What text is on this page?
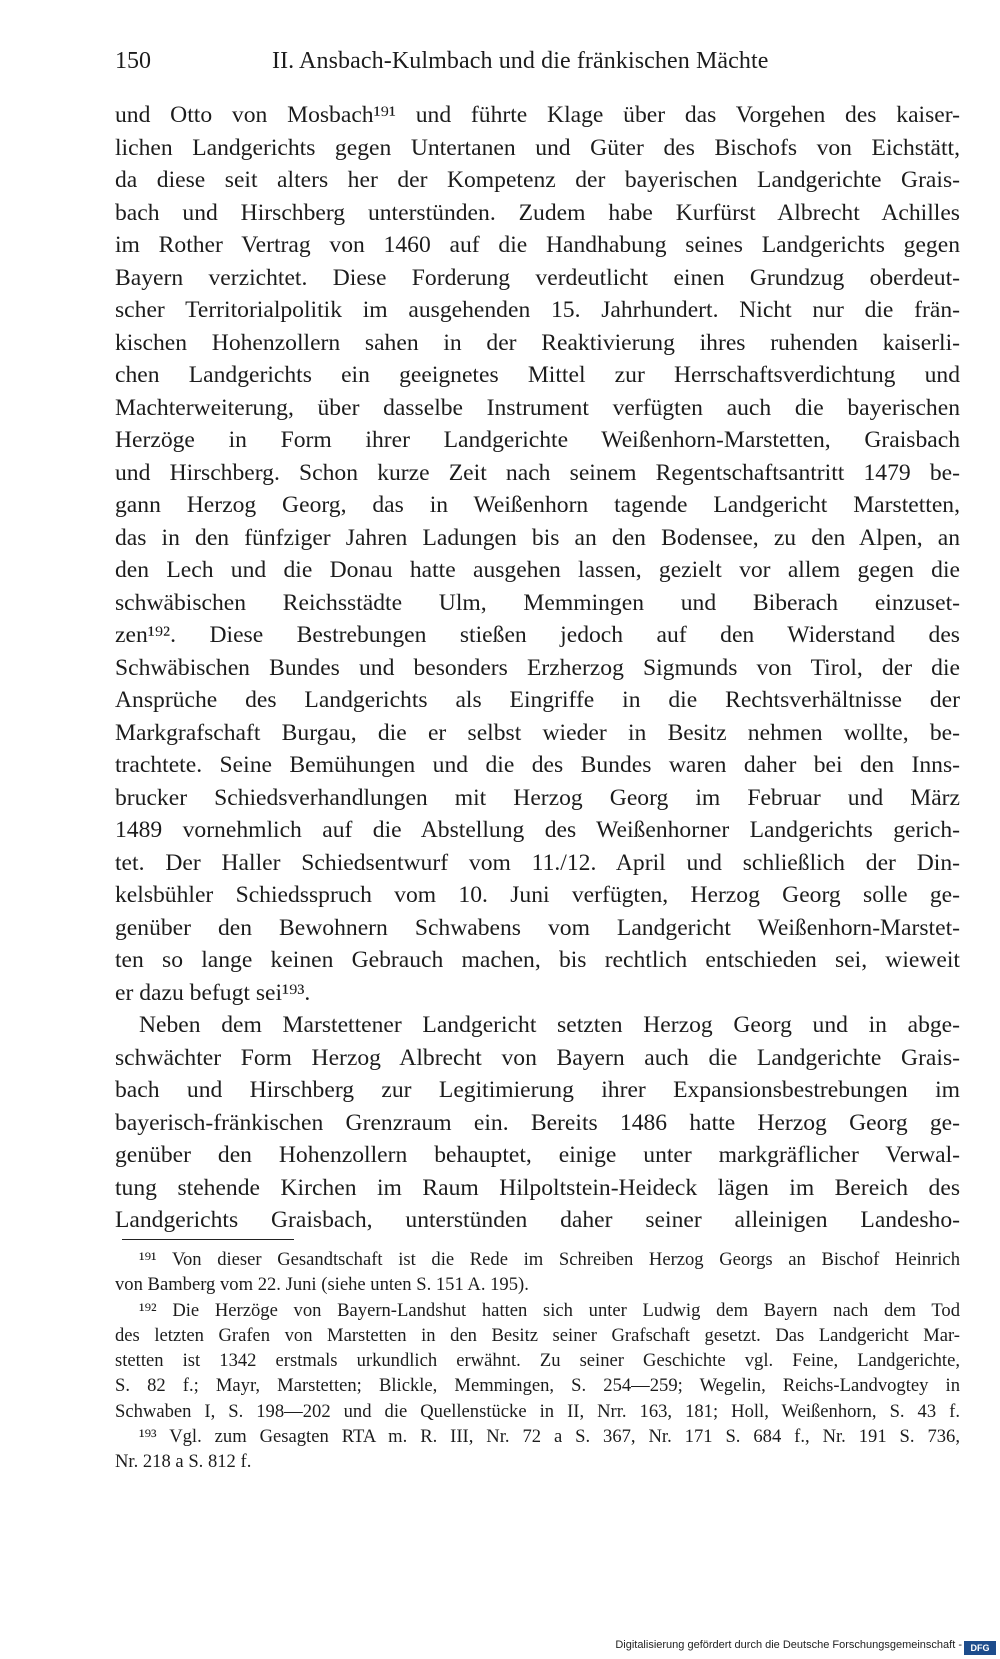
150	II. Ansbach-Kulmbach und die fränkischen Mächte
und Otto von Mosbach¹⁹¹ und führte Klage über das Vorgehen des kaiser-
lichen Landgerichts gegen Untertanen und Güter des Bischofs von Eichstätt,
da diese seit alters her der Kompetenz der bayerischen Landgerichte Grais-
bach und Hirschberg unterstünden. Zudem habe Kurfürst Albrecht Achilles
im Rother Vertrag von 1460 auf die Handhabung seines Landgerichts gegen
Bayern verzichtet. Diese Forderung verdeutlicht einen Grundzug oberdeut-
scher Territorialpolitik im ausgehenden 15. Jahrhundert. Nicht nur die frän-
kischen Hohenzollern sahen in der Reaktivierung ihres ruhenden kaiserli-
chen Landgerichts ein geeignetes Mittel zur Herrschaftsverdichtung und
Machterweiterung, über dasselbe Instrument verfügten auch die bayerischen
Herzöge in Form ihrer Landgerichte Weißenhorn-Marstetten, Graisbach
und Hirschberg. Schon kurze Zeit nach seinem Regentschaftsantritt 1479 be-
gann Herzog Georg, das in Weißenhorn tagende Landgericht Marstetten,
das in den fünfziger Jahren Ladungen bis an den Bodensee, zu den Alpen, an
den Lech und die Donau hatte ausgehen lassen, gezielt vor allem gegen die
schwäbischen Reichsstädte Ulm, Memmingen und Biberach einzuset-
zen¹⁹². Diese Bestrebungen stießen jedoch auf den Widerstand des
Schwäbischen Bundes und besonders Erzherzog Sigmunds von Tirol, der die
Ansprüche des Landgerichts als Eingriffe in die Rechtsverhältnisse der
Markgrafschaft Burgau, die er selbst wieder in Besitz nehmen wollte, be-
trachtete. Seine Bemühungen und die des Bundes waren daher bei den Inns-
brucker Schiedsverhandlungen mit Herzog Georg im Februar und März
1489 vornehmlich auf die Abstellung des Weißenhorner Landgerichts gerich-
tet. Der Haller Schiedsentwurf vom 11./12. April und schließlich der Din-
kelsbühler Schiedsspruch vom 10. Juni verfügten, Herzog Georg solle ge-
genüber den Bewohnern Schwabens vom Landgericht Weißenhorn-Marstet-
ten so lange keinen Gebrauch machen, bis rechtlich entschieden sei, wieweit
er dazu befugt sei¹⁹³.
Neben dem Marstettener Landgericht setzten Herzog Georg und in abge-
schwächter Form Herzog Albrecht von Bayern auch die Landgerichte Grais-
bach und Hirschberg zur Legitimierung ihrer Expansionsbestrebungen im
bayerisch-fränkischen Grenzraum ein. Bereits 1486 hatte Herzog Georg ge-
genüber den Hohenzollern behauptet, einige unter markgräflicher Verwal-
tung stehende Kirchen im Raum Hilpoltstein-Heideck lägen im Bereich des
Landgerichts Graisbach, unterstünden daher seiner alleinigen Landesho-
¹⁹¹ Von dieser Gesandtschaft ist die Rede im Schreiben Herzog Georgs an Bischof Heinrich
von Bamberg vom 22. Juni (siehe unten S. 151 A. 195).
¹⁹² Die Herzöge von Bayern-Landshut hatten sich unter Ludwig dem Bayern nach dem Tod
des letzten Grafen von Marstetten in den Besitz seiner Grafschaft gesetzt. Das Landgericht Mar-
stetten ist 1342 erstmals urkundlich erwähnt. Zu seiner Geschichte vgl. Feine, Landgerichte,
S. 82 f.; Mayr, Marstetten; Blickle, Memmingen, S. 254—259; Wegelin, Reichs-Landvogtey in
Schwaben I, S. 198—202 und die Quellenstücke in II, Nrr. 163, 181; Holl, Weißenhorn, S. 43 f.
¹⁹³ Vgl. zum Gesagten RTA m. R. III, Nr. 72 a S. 367, Nr. 171 S. 684 f., Nr. 191 S. 736,
Nr. 218 a S. 812 f.
Digitalisierung gefördert durch die Deutsche Forschungsgemeinschaft - DFG
